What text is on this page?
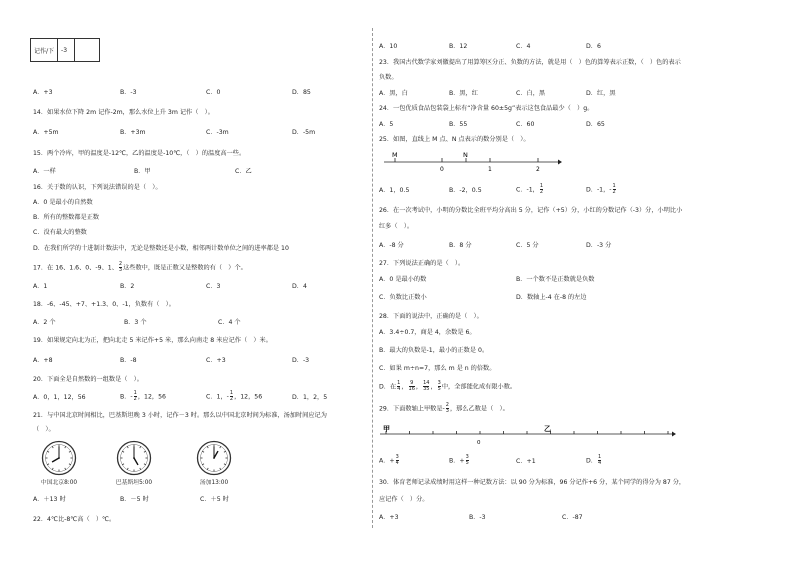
记作/下	-3	
A．+3	B．-3	C．0	D．85
14．如果水位下降 2m 记作-2m，那么水位上升 3m 记作（　）。
A．+5m	B．+3m	C．-3m	D．-5m
15．两个冷库，甲的温度是-12℃，乙的温度是-10℃，（　）的温度高一些。
A．一样	B．甲	C．乙
16．关于数的认识，下列说法错误的是（　）。
A．0 是最小的自然数
B．所有的整数都是正数
C．没有最大的整数
D．在我们所学的十进制计数法中，无论是整数还是小数，相邻两计数单位之间的进率都是 10
17．在 16、1.6、0、-9、1、 $\frac{2}{3}$ 这些数中，既是正数又是整数的有（　）个。
A．1	B．2	C．3	D．4
18．-6、-45、+7、+1.3、0、-1，负数有（　）。
A．2 个	B．3 个	C．4 个
19．如果规定向北为正，把向北走 5 米记作+5 米，那么向南走 8 米应记作（　）米。
A．+8	B．-8	C．+3	D．-3
20．下面全是自然数的一组数是（　）。
A．0，1，12，56	B．- $\frac{1}{2}$ ，12，56	C．1，- $\frac{1}{2}$ ，12，56	D．1，2，5
21．与中国北京时间相比，巴基斯坦晚 3 小时，记作－3 时。那么以中国北京时间为标准，汤加时间应记为
（　）。
中国北京8:00	巴基斯坦5:00	汤加13:00
A．＋13 时	B．－5 时	C．＋5 时
22．4℃比-8℃高（　）℃。
A．10	B．12	C．4	D．6
23．我国古代数学家刘徽提出了用算筹区分正、负数的方法，就是用（　）色的算筹表示正数，（　）色的表示
负数。
A．黑，白	B．黑，红	C．白，黑	D．红，黑
24．一包优质食品包装袋上标有“净含量 60±5g”表示这包食品最少（　）g。
A．5	B．55	C．60	D．65
25．如图，直线上 M 点、N 点表示的数分别是（　）。
M	N
0	1	2
A．1，0.5	B．-2，0.5	C．-1， $\frac{1}{2}$	D．-1，- $\frac{1}{2}$
26．在一次考试中，小明的分数比全班平均分高出 5 分，记作（+5）分，小红的分数记作（-3）分，小明比小
红多（　）。
A．-8 分	B．8 分	C．5 分	D．-3 分
27．下列说法正确的是（　）。
A．0 是最小的数	B．一个数不是正数就是负数
C．负数比正数小	D．数轴上-4 在-8 的左边
28．下面的说法中，正确的是（　）。
A．3.4÷0.7，商是 4，余数是 6。
B．最大的负数是-1，最小的正数是 0。
C．如果 m÷n=7，那么 m 是 n 的倍数。
D．在 $\frac{1}{4}$ ， $\frac{9}{16}$ ， $\frac{14}{35}$ ， $\frac{3}{5}$ 中，全部能化成有限小数。
29．下面数轴上甲数是- $\frac{2}{3}$ ，那么乙数是（　）。
甲	乙
0
A．+ $\frac{3}{4}$	B．+ $\frac{3}{5}$	C．+1	D． $\frac{1}{4}$
30．体育老师记录成绩时用这样一种记数方法：以 90 分为标准，96 分记作+6 分，某个同学的得分为 87 分，
应记作（　）分。
A．+3	B．-3	C．-87
